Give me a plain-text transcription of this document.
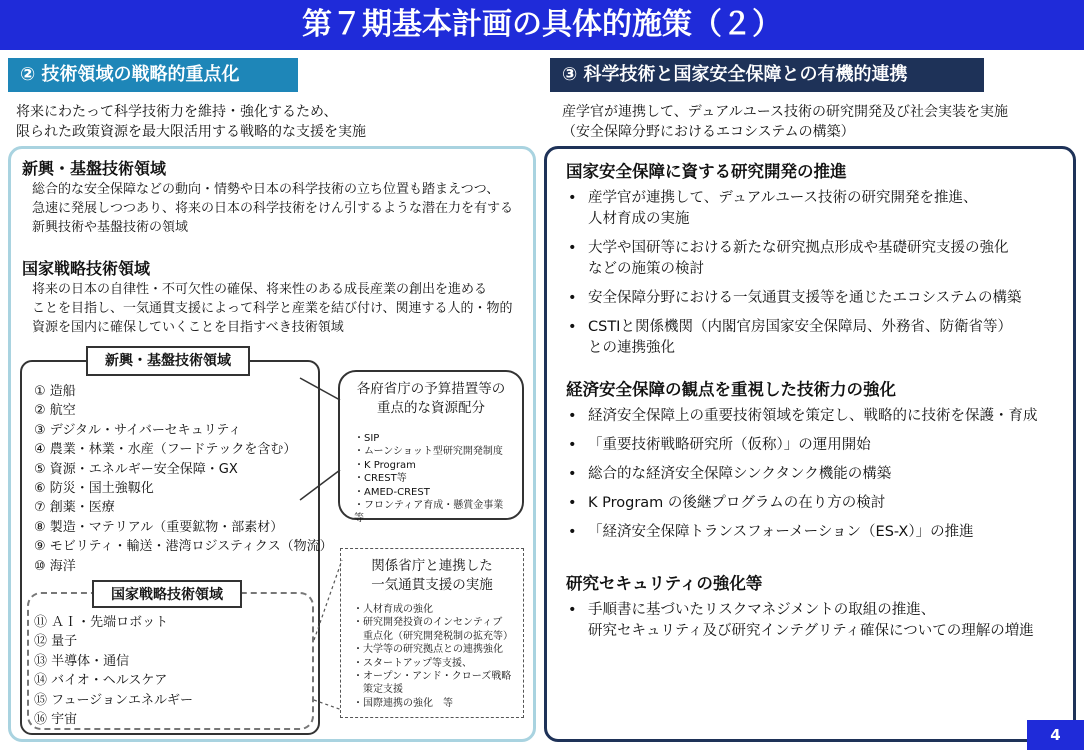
第７期基本計画の具体的施策（２）
② 技術領域の戦略的重点化
将来にわたって科学技術力を維持・強化するため、
限られた政策資源を最大限活用する戦略的な支援を実施
新興・基盤技術領域
総合的な安全保障などの動向・情勢や日本の科学技術の立ち位置も踏まえつつ、
急速に発展しつつあり、将来の日本の科学技術をけん引するような潜在力を有する
新興技術や基盤技術の領域
国家戦略技術領域
将来の日本の自律性・不可欠性の確保、将来性のある成長産業の創出を進める
ことを目指し、一気通貫支援によって科学と産業を結び付け、関連する人的・物的
資源を国内に確保していくことを目指すべき技術領域
新興・基盤技術領域
① 造船
② 航空
③ デジタル・サイバーセキュリティ
④ 農業・林業・水産（フードテックを含む）
⑤ 資源・エネルギー安全保障・GX
⑥ 防災・国土強靱化
⑦ 創薬・医療
⑧ 製造・マテリアル（重要鉱物・部素材）
⑨ モビリティ・輸送・港湾ロジスティクス（物流）
⑩ 海洋
国家戦略技術領域
⑪ ＡＩ・先端ロボット
⑫ 量子
⑬ 半導体・通信
⑭ バイオ・ヘルスケア
⑮ フュージョンエネルギー
⑯ 宇宙
各府省庁の予算措置等の
重点的な資源配分
・SIP
・ムーンショット型研究開発制度
・K Program
・CREST等
・AMED-CREST
・フロンティア育成・懸賞金事業　等
関係省庁と連携した
一気通貫支援の実施
・人材育成の強化
・研究開発投資のインセンティブ
　重点化（研究開発税制の拡充等）
・大学等の研究拠点との連携強化
・スタートアップ等支援、
・オープン・アンド・クローズ戦略
　策定支援
・国際連携の強化　等
③ 科学技術と国家安全保障との有機的連携
産学官が連携して、デュアルユース技術の研究開発及び社会実装を実施
（安全保障分野におけるエコシステムの構築）
国家安全保障に資する研究開発の推進
• 産学官が連携して、デュアルユース技術の研究開発を推進、
人材育成の実施
• 大学や国研等における新たな研究拠点形成や基礎研究支援の強化
などの施策の検討
• 安全保障分野における一気通貫支援等を通じたエコシステムの構築
• CSTIと関係機関（内閣官房国家安全保障局、外務省、防衛省等）
との連携強化
経済安全保障の観点を重視した技術力の強化
• 経済安全保障上の重要技術領域を策定し、戦略的に技術を保護・育成
• 「重要技術戦略研究所（仮称）」の運用開始
• 総合的な経済安全保障シンクタンク機能の構築
• K Program の後継プログラムの在り方の検討
• 「経済安全保障トランスフォーメーション（ES-X）」の推進
研究セキュリティの強化等
• 手順書に基づいたリスクマネジメントの取組の推進、
研究セキュリティ及び研究インテグリティ確保についての理解の増進
4
